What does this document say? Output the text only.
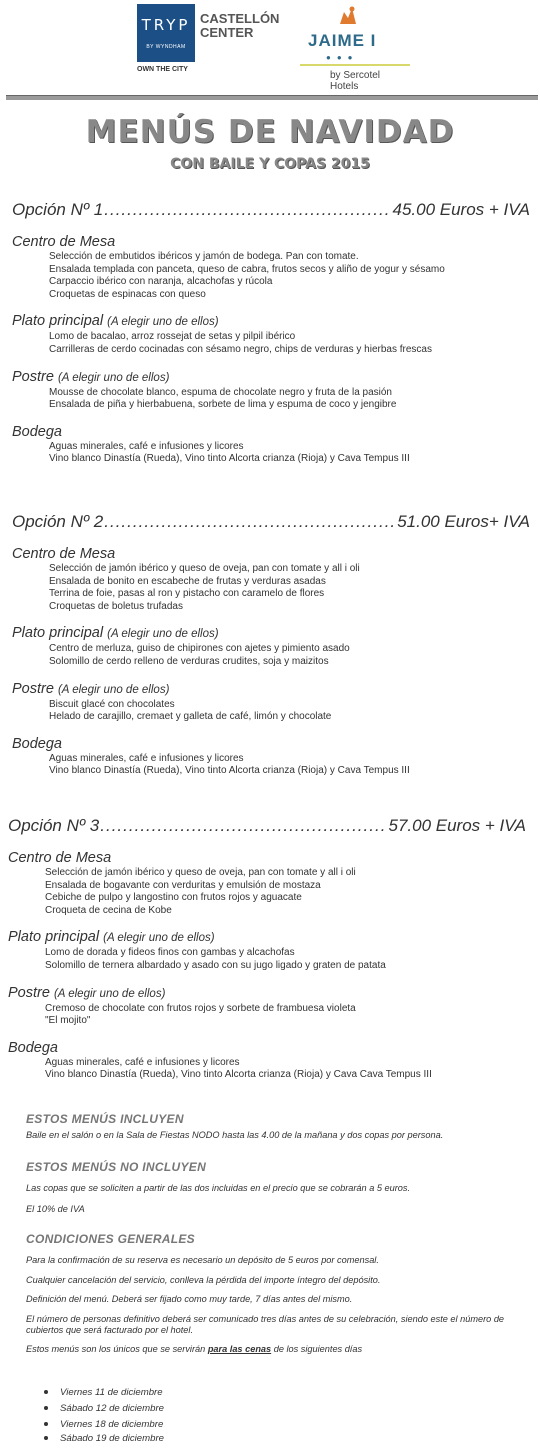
TRYP
BY WYNDHAM
OWN THE CITY
CASTELLÓN
CENTER	JAIME I
●●●
by Sercotel Hotels
MENÚS DE NAVIDAD
CON BAILE Y COPAS 2015
Opción Nº 1 .....	45.00 Euros + IVA
Centro de Mesa
Selección de embutidos ibéricos y jamón de bodega. Pan con tomate.
Ensalada templada con panceta, queso de cabra, frutos secos y aliño de yogur y sésamo
Carpaccio ibérico con naranja, alcachofas y rúcola
Croquetas de espinacas con queso
Plato principal (A elegir uno de ellos)
Lomo de bacalao, arroz rossejat de setas y pilpil ibérico
Carrilleras de cerdo cocinadas con sésamo negro, chips de verduras y hierbas frescas
Postre (A elegir uno de ellos)
Mousse de chocolate blanco, espuma de chocolate negro y fruta de la pasión
Ensalada de piña y hierbabuena, sorbete de lima y espuma de coco y jengibre
Bodega
Aguas minerales, café e infusiones y licores
Vino blanco Dinastía (Rueda), Vino tinto Alcorta crianza (Rioja) y Cava Tempus III
Opción Nº 2 .....	51.00 Euros+ IVA
Centro de Mesa
Selección de jamón ibérico y queso de oveja, pan con tomate y all i oli
Ensalada de bonito en escabeche de frutas y verduras asadas
Terrina de foie, pasas al ron y pistacho con caramelo de flores
Croquetas de boletus trufadas
Plato principal (A elegir uno de ellos)
Centro de merluza, guiso de chipirones con ajetes y pimiento asado
Solomillo de cerdo relleno de verduras crudites, soja y maizitos
Postre (A elegir uno de ellos)
Biscuit glacé con chocolates
Helado de carajillo, cremaet y galleta de café, limón y chocolate
Bodega
Aguas minerales, café e infusiones y licores
Vino blanco Dinastía (Rueda), Vino tinto Alcorta crianza (Rioja) y Cava Tempus III
Opción Nº 3 .....	57.00 Euros + IVA
Centro de Mesa
Selección de jamón ibérico y queso de oveja, pan con tomate y all i oli
Ensalada de bogavante con verduritas y emulsión de mostaza
Cebiche de pulpo y langostino con frutos rojos y aguacate
Croqueta de cecina de Kobe
Plato principal (A elegir uno de ellos)
Lomo de dorada y fideos finos con gambas y alcachofas
Solomillo de ternera albardado y asado con su jugo ligado y graten de patata
Postre (A elegir uno de ellos)
Cremoso de chocolate con frutos rojos y sorbete de frambuesa violeta
"El mojito"
Bodega
Aguas minerales, café e infusiones y licores
Vino blanco Dinastía (Rueda), Vino tinto Alcorta crianza (Rioja) y Cava Cava Tempus III
ESTOS MENÚS INCLUYEN
Baile en el salón o en la Sala de Fiestas NODO hasta las 4.00 de la mañana y dos copas por persona.
ESTOS MENÚS NO INCLUYEN
Las copas que se soliciten a partir de las dos incluidas en el precio que se cobrarán a 5 euros.
El 10% de IVA
CONDICIONES GENERALES
Para la confirmación de su reserva es necesario un depósito de 5 euros por comensal.
Cualquier cancelación del servicio, conlleva la pérdida del importe íntegro del depósito.
Definición del menú. Deberá ser fijado como muy tarde, 7 días antes del mismo.
El número de personas definitivo deberá ser comunicado tres días antes de su celebración, siendo este el número de cubiertos que será facturado por el hotel.
Estos menús son los únicos que se servirán para las cenas de los siguientes días
Viernes 11 de diciembre
Sábado 12 de diciembre
Viernes 18 de diciembre
Sábado 19 de diciembre
